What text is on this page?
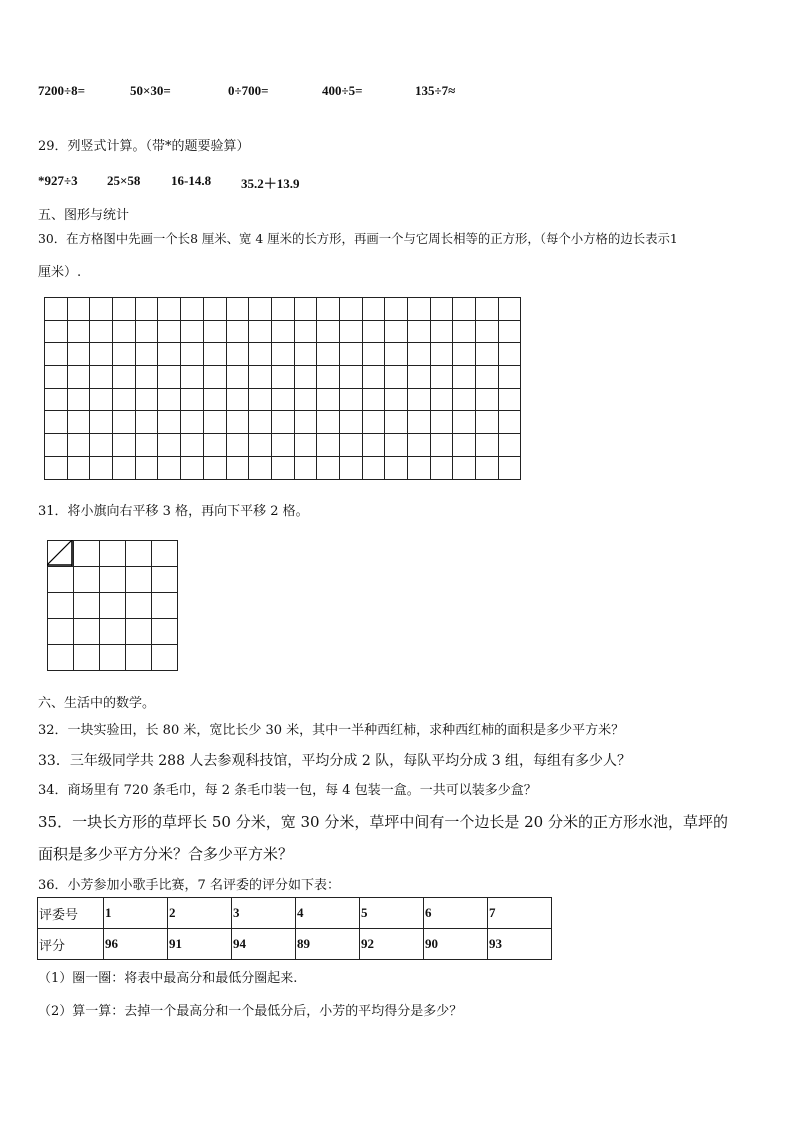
7200÷8=	50×30=	0÷700=	400÷5=	135÷7≈
29．列竖式计算。（带*的题要验算）
*927÷3 25×58 16-14.8 35.2＋13.9
五、图形与统计
30．在方格图中先画一个长8 厘米、宽 4 厘米的长方形，再画一个与它周长相等的正方形，（每个小方格的边长表示1
厘米）.

31．将小旗向右平移 3 格，再向下平移 2 格。

六、生活中的数学。
32．一块实验田，长 80 米，宽比长少 30 米，其中一半种西红柿，求种西红柿的面积是多少平方米？
33．三年级同学共 288 人去参观科技馆，平均分成 2 队，每队平均分成 3 组，每组有多少人？
34．商场里有 720 条毛巾，每 2 条毛巾装一包，每 4 包装一盒。一共可以装多少盒？
35．一块长方形的草坪长 50 分米，宽 30 分米，草坪中间有一个边长是 20 分米的正方形水池，草坪的
面积是多少平方分米？合多少平方米？
36．小芳参加小歌手比赛，7 名评委的评分如下表：
评委号	1	2	3	4	5	6	7
评分	96	91	94	89	92	90	93
（1）圈一圈：将表中最高分和最低分圈起来.
（2）算一算：去掉一个最高分和一个最低分后，小芳的平均得分是多少？
